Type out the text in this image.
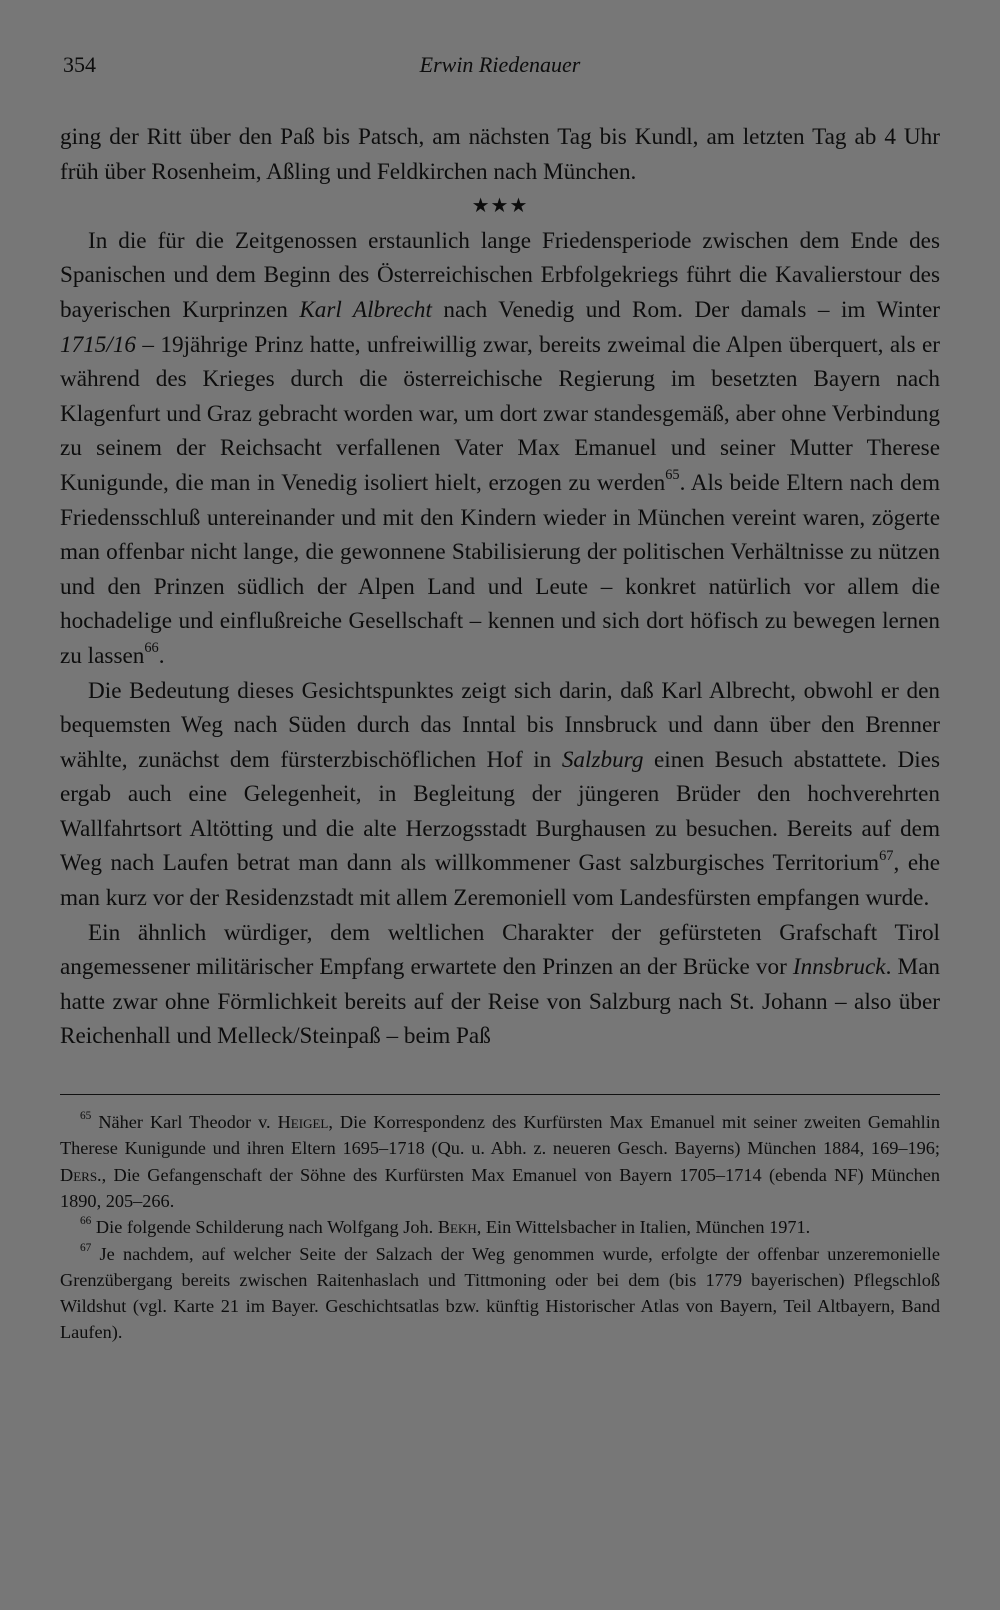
354	Erwin Riedenauer

ging der Ritt über den Paß bis Patsch, am nächsten Tag bis Kundl, am letzten Tag ab 4 Uhr früh über Rosenheim, Aßling und Feldkirchen nach München.

★★★

In die für die Zeitgenossen erstaunlich lange Friedensperiode zwischen dem Ende des Spanischen und dem Beginn des Österreichischen Erbfolgekriegs führt die Kavalierstour des bayerischen Kurprinzen Karl Albrecht nach Venedig und Rom. Der damals – im Winter 1715/16 – 19jährige Prinz hatte, unfreiwillig zwar, bereits zweimal die Alpen überquert, als er während des Krieges durch die österreichische Regierung im besetzten Bayern nach Klagenfurt und Graz gebracht worden war, um dort zwar standesgemäß, aber ohne Verbindung zu seinem der Reichsacht verfallenen Vater Max Emanuel und seiner Mutter Therese Kunigunde, die man in Venedig isoliert hielt, erzogen zu werden$^{65}$. Als beide Eltern nach dem Friedensschluß untereinander und mit den Kindern wieder in München vereint waren, zögerte man offenbar nicht lange, die gewonnene Stabilisierung der politischen Verhältnisse zu nützen und den Prinzen südlich der Alpen Land und Leute – konkret natürlich vor allem die hochadelige und einflußreiche Gesellschaft – kennen und sich dort höfisch zu bewegen lernen zu lassen$^{66}$.

Die Bedeutung dieses Gesichtspunktes zeigt sich darin, daß Karl Albrecht, obwohl er den bequemsten Weg nach Süden durch das Inntal bis Innsbruck und dann über den Brenner wählte, zunächst dem fürsterzbischöflichen Hof in Salzburg einen Besuch abstattete. Dies ergab auch eine Gelegenheit, in Begleitung der jüngeren Brüder den hochverehrten Wallfahrtsort Altötting und die alte Herzogsstadt Burghausen zu besuchen. Bereits auf dem Weg nach Laufen betrat man dann als willkommener Gast salzburgisches Territorium$^{67}$, ehe man kurz vor der Residenzstadt mit allem Zeremoniell vom Landesfürsten empfangen wurde.

Ein ähnlich würdiger, dem weltlichen Charakter der gefürsteten Grafschaft Tirol angemessener militärischer Empfang erwartete den Prinzen an der Brücke vor Innsbruck. Man hatte zwar ohne Förmlichkeit bereits auf der Reise von Salzburg nach St. Johann – also über Reichenhall und Melleck/Steinpaß – beim Paß

$^{65}$ Näher Karl Theodor v. Heigel, Die Korrespondenz des Kurfürsten Max Emanuel mit seiner zweiten Gemahlin Therese Kunigunde und ihren Eltern 1695–1718 (Qu. u. Abh. z. neueren Gesch. Bayerns) München 1884, 169–196; Ders., Die Gefangenschaft der Söhne des Kurfürsten Max Emanuel von Bayern 1705–1714 (ebenda NF) München 1890, 205–266.

$^{66}$ Die folgende Schilderung nach Wolfgang Joh. Bekh, Ein Wittelsbacher in Italien, München 1971.

$^{67}$ Je nachdem, auf welcher Seite der Salzach der Weg genommen wurde, erfolgte der offenbar unzeremonielle Grenzübergang bereits zwischen Raitenhaslach und Tittmoning oder bei dem (bis 1779 bayerischen) Pflegschloß Wildshut (vgl. Karte 21 im Bayer. Geschichtsatlas bzw. künftig Historischer Atlas von Bayern, Teil Altbayern, Band Laufen).
